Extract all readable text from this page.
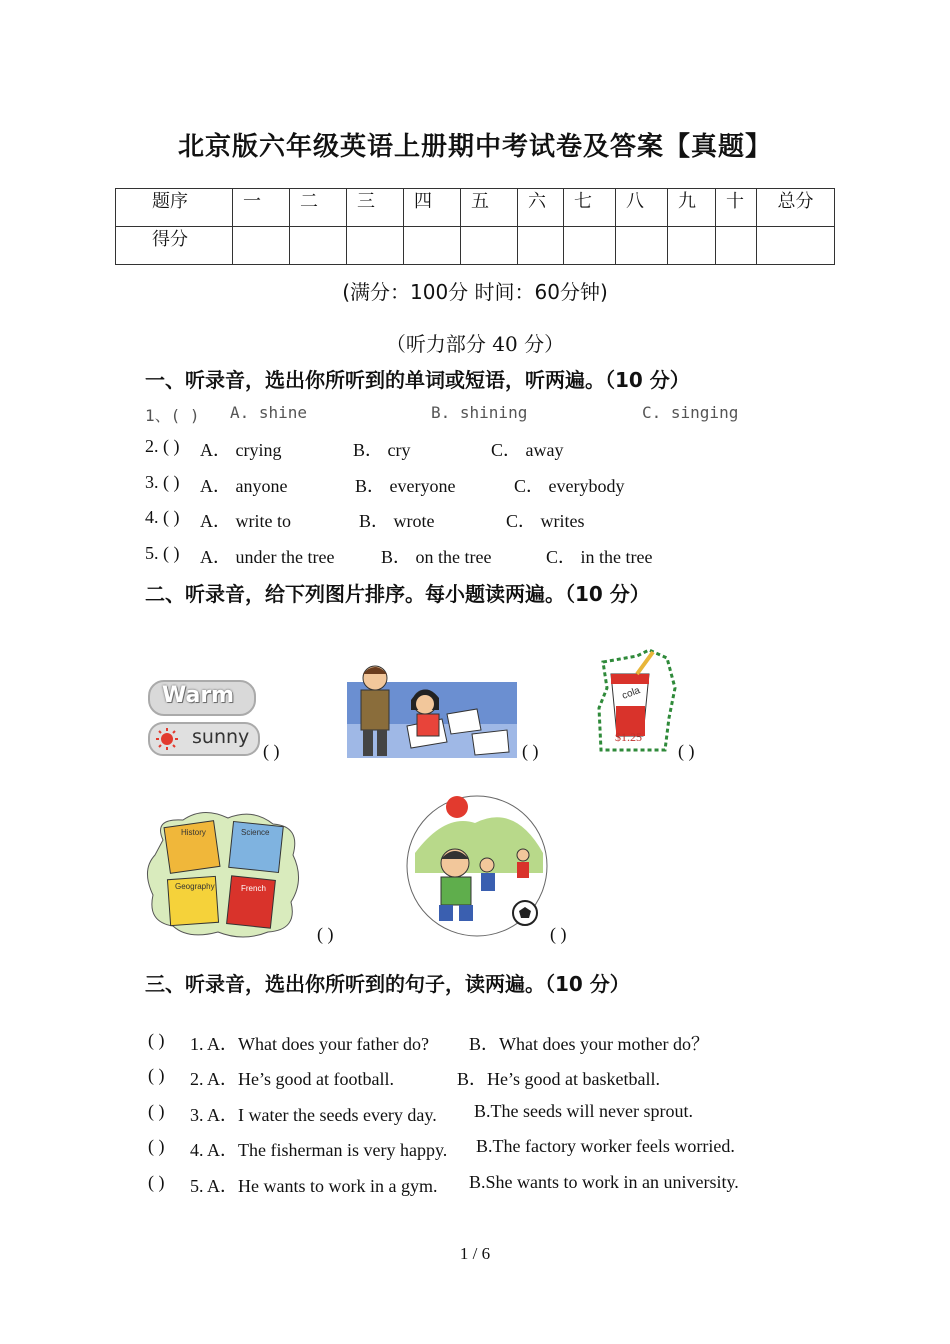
北京版六年级英语上册期中考试卷及答案【真题】
题序	一	二	三	四	五	六	七	八	九	十	总分
得分											
(满分：100分 时间：60分钟)
（听力部分 40 分）
一、听录音，选出你所听到的单词或短语，听两遍。（10 分）
1、( ) A. shine	B. shining	C. singing
2. ( ) A． crying	B． cry	C． away
3. ( ) A． anyone	B． everyone	C． everybody
4. ( ) A． write to	B． wrote	C． writes
5. ( ) A． under the tree	B． on the tree	C． in the tree
二、听录音，给下列图片排序。每小题读两遍。（10 分）
Warm
sunny
( )	( )
cola
$1.25
( )
History	Science
Geography	French
( )	( )
三、听录音，选出你所听到的句子，读两遍。（10 分）
( ) 1. A．What does your father do? B．What does your mother do？
( ) 2. A．He’s good at football.	B．He’s good at basketball.
( ) 3. A．I water the seeds every day. B.The seeds will never sprout.
( ) 4. A．The fisherman is very happy. B.The factory worker feels worried.
( ) 5. A．He wants to work in a gym. B.She wants to work in an university.
1 / 6
